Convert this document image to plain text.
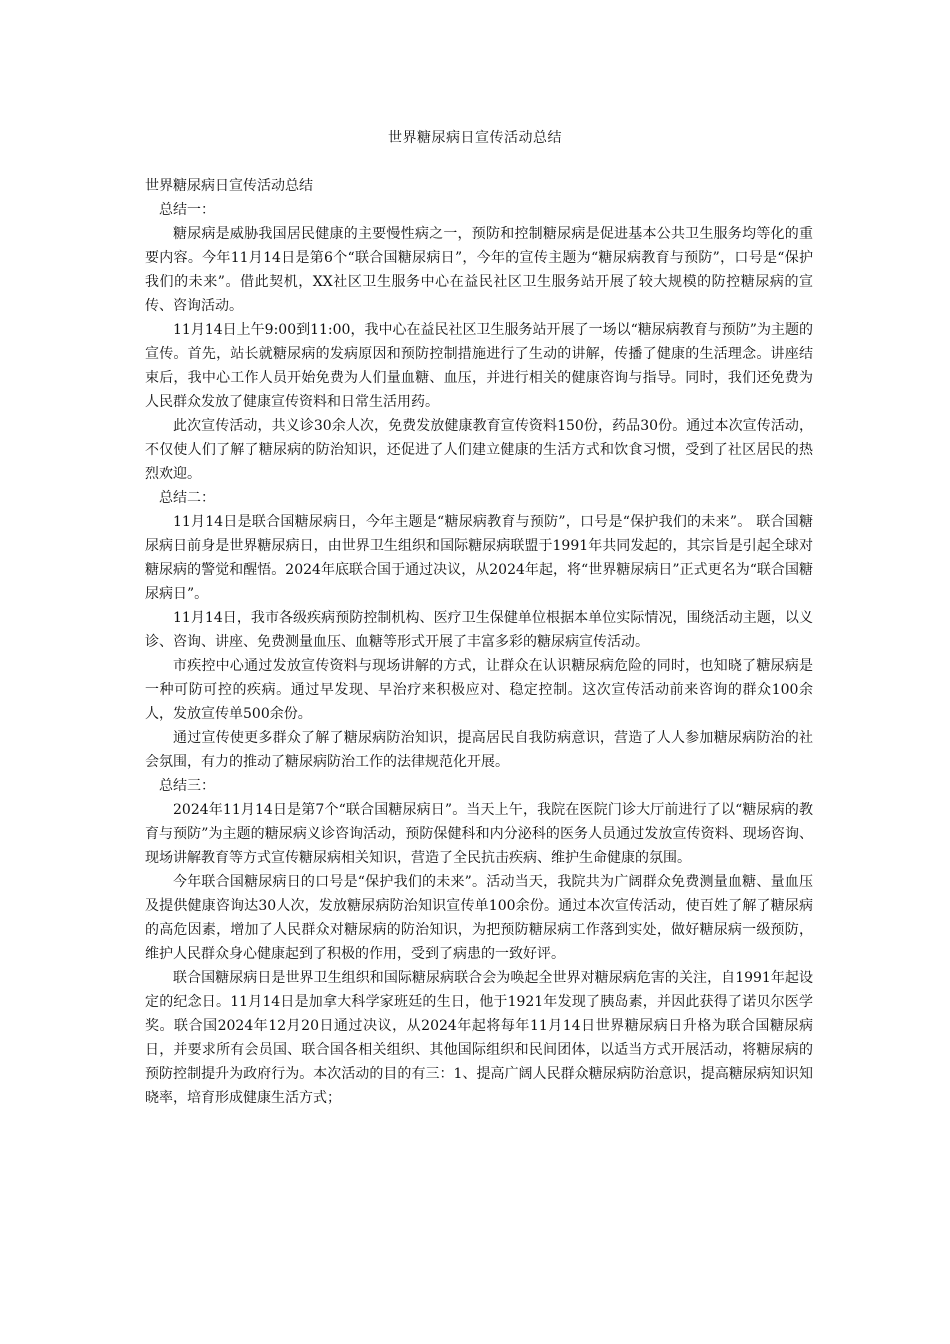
世界糖尿病日宣传活动总结

世界糖尿病日宣传活动总结

总结一：

糖尿病是威胁我国居民健康的主要慢性病之一，预防和控制糖尿病是促进基本公共卫生服务均等化的重要内容。今年11月14日是第6个“联合国糖尿病日”，今年的宣传主题为“糖尿病教育与预防”，口号是“保护我们的未来”。借此契机，XX社区卫生服务中心在益民社区卫生服务站开展了较大规模的防控糖尿病的宣传、咨询活动。

11月14日上午9:00到11:00，我中心在益民社区卫生服务站开展了一场以“糖尿病教育与预防”为主题的宣传。首先，站长就糖尿病的发病原因和预防控制措施进行了生动的讲解，传播了健康的生活理念。讲座结束后，我中心工作人员开始免费为人们量血糖、血压，并进行相关的健康咨询与指导。同时，我们还免费为人民群众发放了健康宣传资料和日常生活用药。

此次宣传活动，共义诊30余人次，免费发放健康教育宣传资料150份，药品30份。通过本次宣传活动，不仅使人们了解了糖尿病的防治知识，还促进了人们建立健康的生活方式和饮食习惯，受到了社区居民的热烈欢迎。

总结二：

11月14日是联合国糖尿病日，今年主题是“糖尿病教育与预防”，口号是“保护我们的未来”。 联合国糖尿病日前身是世界糖尿病日，由世界卫生组织和国际糖尿病联盟于1991年共同发起的，其宗旨是引起全球对糖尿病的警觉和醒悟。2024年底联合国于通过决议，从2024年起，将“世界糖尿病日”正式更名为“联合国糖尿病日”。

11月14日，我市各级疾病预防控制机构、医疗卫生保健单位根据本单位实际情况，围绕活动主题，以义诊、咨询、讲座、免费测量血压、血糖等形式开展了丰富多彩的糖尿病宣传活动。

市疾控中心通过发放宣传资料与现场讲解的方式，让群众在认识糖尿病危险的同时，也知晓了糖尿病是一种可防可控的疾病。通过早发现、早治疗来积极应对、稳定控制。这次宣传活动前来咨询的群众100余人，发放宣传单500余份。

通过宣传使更多群众了解了糖尿病防治知识，提高居民自我防病意识，营造了人人参加糖尿病防治的社会氛围，有力的推动了糖尿病防治工作的法律规范化开展。

总结三：

2024年11月14日是第7个“联合国糖尿病日”。当天上午，我院在医院门诊大厅前进行了以“糖尿病的教育与预防”为主题的糖尿病义诊咨询活动，预防保健科和内分泌科的医务人员通过发放宣传资料、现场咨询、现场讲解教育等方式宣传糖尿病相关知识，营造了全民抗击疾病、维护生命健康的氛围。

今年联合国糖尿病日的口号是“保护我们的未来”。活动当天，我院共为广阔群众免费测量血糖、量血压及提供健康咨询达30人次，发放糖尿病防治知识宣传单100余份。通过本次宣传活动，使百姓了解了糖尿病的高危因素，增加了人民群众对糖尿病的防治知识，为把预防糖尿病工作落到实处，做好糖尿病一级预防，维护人民群众身心健康起到了积极的作用，受到了病患的一致好评。

联合国糖尿病日是世界卫生组织和国际糖尿病联合会为唤起全世界对糖尿病危害的关注，自1991年起设定的纪念日。11月14日是加拿大科学家班廷的生日，他于1921年发现了胰岛素，并因此获得了诺贝尔医学奖。联合国2024年12月20日通过决议，从2024年起将每年11月14日世界糖尿病日升格为联合国糖尿病日，并要求所有会员国、联合国各相关组织、其他国际组织和民间团体，以适当方式开展活动，将糖尿病的预防控制提升为政府行为。本次活动的目的有三：1、提高广阔人民群众糖尿病防治意识，提高糖尿病知识知晓率，培育形成健康生活方式；
